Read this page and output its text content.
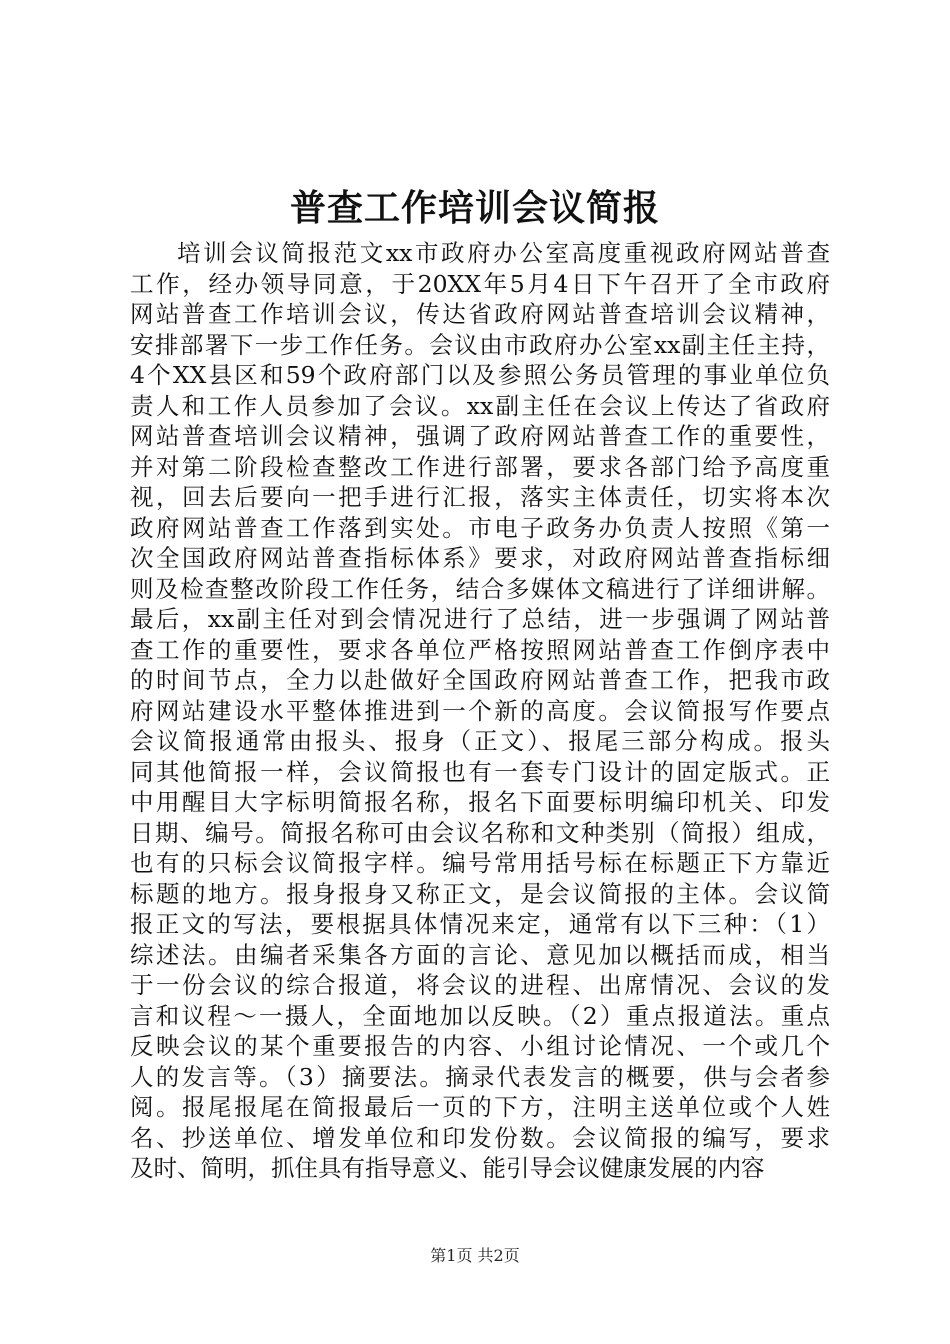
普查工作培训会议简报
培训会议简报范文xx市政府办公室高度重视政府网站普查
工作，经办领导同意，于20XX年5月4日下午召开了全市政府
网站普查工作培训会议，传达省政府网站普查培训会议精神，
安排部署下一步工作任务。会议由市政府办公室xx副主任主持，
4个XX县区和59个政府部门以及参照公务员管理的事业单位负
责人和工作人员参加了会议。xx副主任在会议上传达了省政府
网站普查培训会议精神，强调了政府网站普查工作的重要性，
并对第二阶段检查整改工作进行部署，要求各部门给予高度重
视，回去后要向一把手进行汇报，落实主体责任，切实将本次
政府网站普查工作落到实处。市电子政务办负责人按照《第一
次全国政府网站普查指标体系》要求，对政府网站普查指标细
则及检查整改阶段工作任务，结合多媒体文稿进行了详细讲解。
最后，xx副主任对到会情况进行了总结，进一步强调了网站普
查工作的重要性，要求各单位严格按照网站普查工作倒序表中
的时间节点，全力以赴做好全国政府网站普查工作，把我市政
府网站建设水平整体推进到一个新的高度。会议简报写作要点
会议简报通常由报头、报身（正文）、报尾三部分构成。报头
同其他简报一样，会议简报也有一套专门设计的固定版式。正
中用醒目大字标明简报名称，报名下面要标明编印机关、印发
日期、编号。简报名称可由会议名称和文种类别（简报）组成，
也有的只标会议简报字样。编号常用括号标在标题正下方靠近
标题的地方。报身报身又称正文，是会议简报的主体。会议简
报正文的写法，要根据具体情况来定，通常有以下三种：（1）
综述法。由编者采集各方面的言论、意见加以概括而成，相当
于一份会议的综合报道，将会议的进程、出席情况、会议的发
言和议程～一摄人，全面地加以反映。（2）重点报道法。重点
反映会议的某个重要报告的内容、小组讨论情况、一个或几个
人的发言等。（3）摘要法。摘录代表发言的概要，供与会者参
阅。报尾报尾在简报最后一页的下方，注明主送单位或个人姓
名、抄送单位、增发单位和印发份数。会议简报的编写，要求
及时、简明，抓住具有指导意义、能引导会议健康发展的内容
第1页 共2页
